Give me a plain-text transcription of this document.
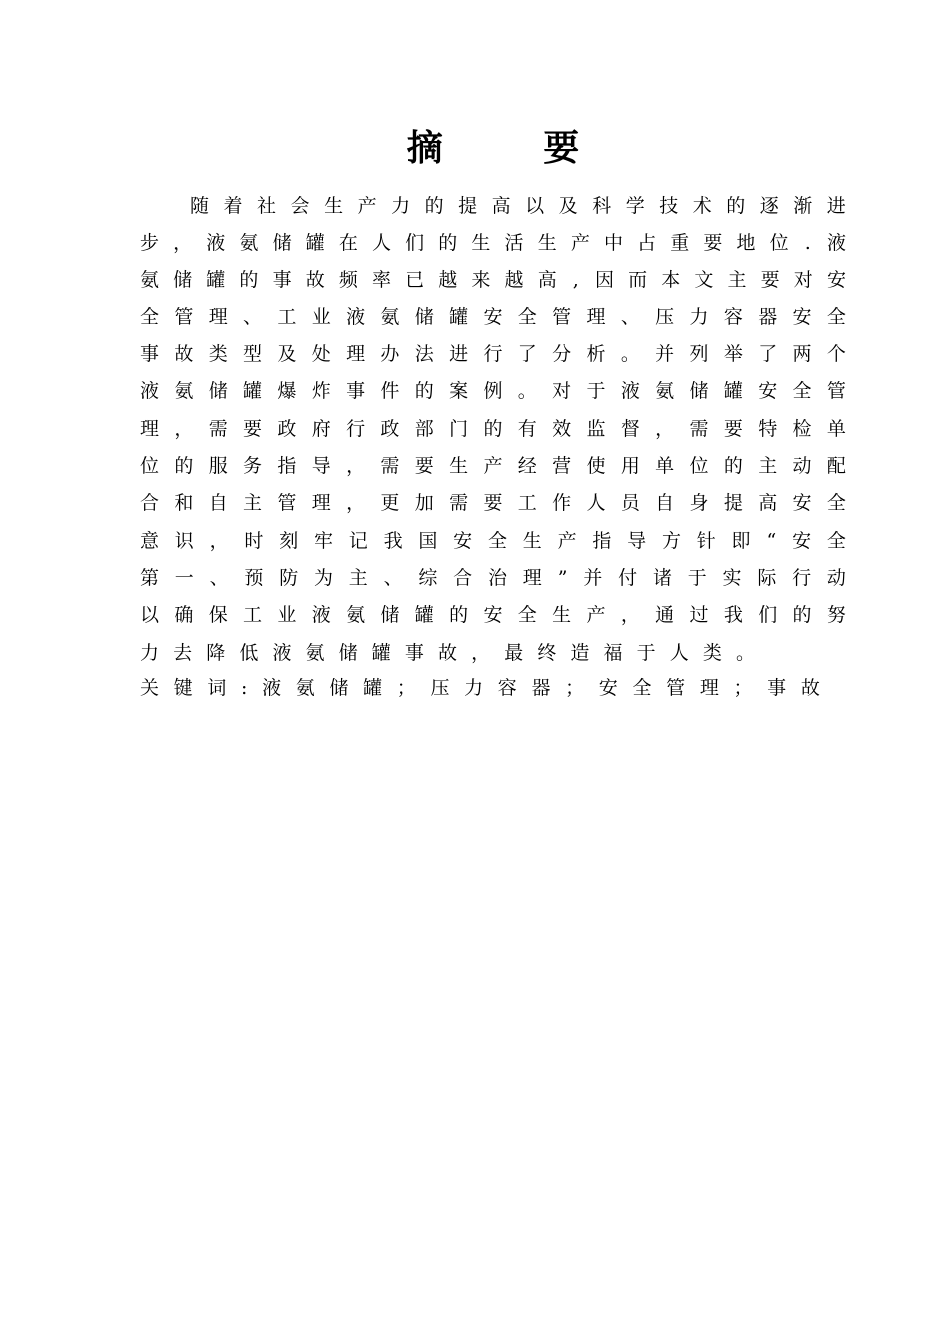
摘 要
随 着 社 会 生 产 力 的 提 高 以 及 科 学 技 术 的 逐 渐 进
步 ， 液 氨 储 罐 在 人 们 的 生 活 生 产 中 占 重 要 地 位 . 液
氨 储 罐 的 事 故 频 率 已 越 来 越 高 , 因 而 本 文 主 要 对 安
全 管 理 、 工 业 液 氨 储 罐 安 全 管 理 、 压 力 容 器 安 全
事 故 类 型 及 处 理 办 法 进 行 了 分 析 。 并 列 举 了 两 个
液 氨 储 罐 爆 炸 事 件 的 案 例 。 对 于 液 氨 储 罐 安 全 管
理 ， 需 要 政 府 行 政 部 门 的 有 效 监 督 ， 需 要 特 检 单
位 的 服 务 指 导 ， 需 要 生 产 经 营 使 用 单 位 的 主 动 配
合 和 自 主 管 理 ， 更 加 需 要 工 作 人 员 自 身 提 高 安 全
意 识 ， 时 刻 牢 记 我 国 安 全 生 产 指 导 方 针 即 “ 安 全
第 一 、 预 防 为 主 、 综 合 治 理 ” 并 付 诸 于 实 际 行 动
以 确 保 工 业 液 氨 储 罐 的 安 全 生 产 ， 通 过 我 们 的 努
力 去 降 低 液 氨 储 罐 事 故 ， 最 终 造 福 于 人 类 。
关 键 词 : 液 氨 储 罐 ； 压 力 容 器 ； 安 全 管 理 ； 事 故
